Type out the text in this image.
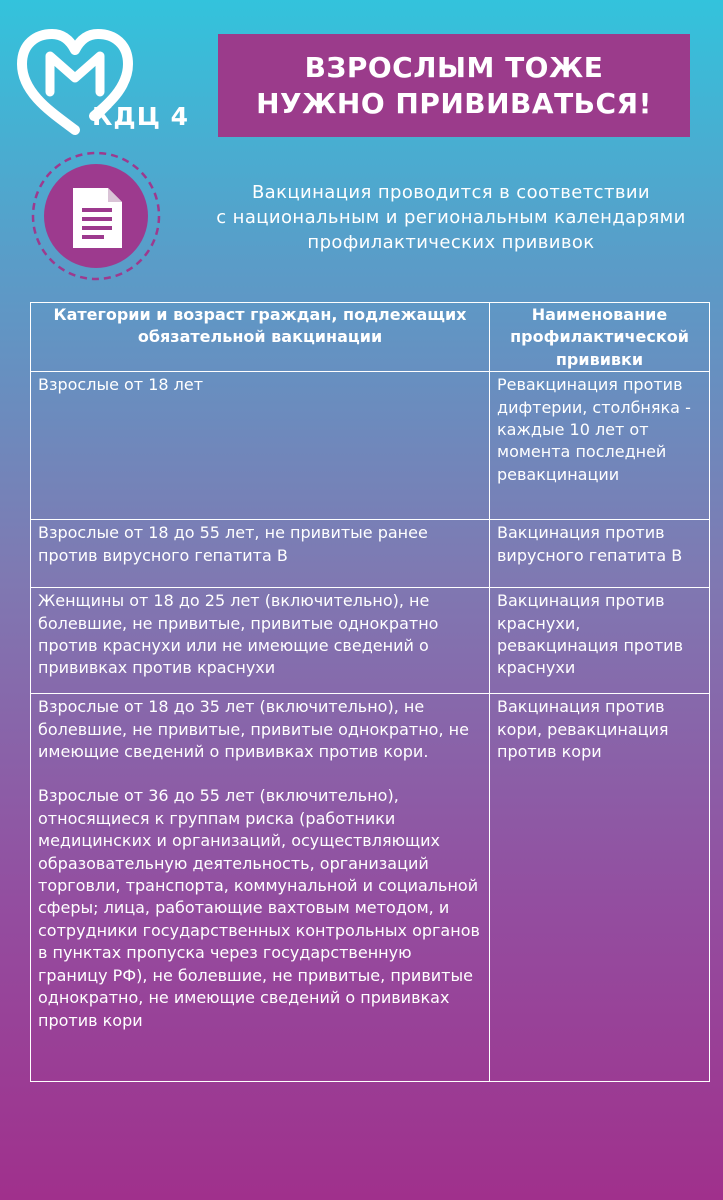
КДЦ 4
ВЗРОСЛЫМ ТОЖЕ
НУЖНО ПРИВИВАТЬСЯ!
Вакцинация проводится в соответствии
с национальным и региональным календарями
профилактических прививок
Категории и возраст граждан, подлежащих обязательной вакцинации	Наименование профилактической прививки
Взрослые от 18 лет	Ревакцинация против дифтерии, столбняка - каждые 10 лет от момента последней ревакцинации
Взрослые от 18 до 55 лет, не привитые ранее против вирусного гепатита В	Вакцинация против вирусного гепатита В
Женщины от 18 до 25 лет (включительно), не болевшие, не привитые, привитые однократно против краснухи или не имеющие сведений о прививках против краснухи	Вакцинация против краснухи, ревакцинация против краснухи

Взрослые от 18 до 35 лет (включительно), не болевшие, не привитые, привитые однократно, не имеющие сведений о прививках против кори.
Взрослые от 36 до 55 лет (включительно), относящиеся к группам риска (работники медицинских и организаций, осуществляющих образовательную деятельность, организаций торговли, транспорта, коммунальной и социальной сферы; лица, работающие вахтовым методом, и сотрудники государственных контрольных органов в пунктах пропуска через государственную границу РФ), не болевшие, не привитые, привитые однократно, не имеющие сведений о прививках против кори	Вакцинация против кори, ревакцинация против кори
